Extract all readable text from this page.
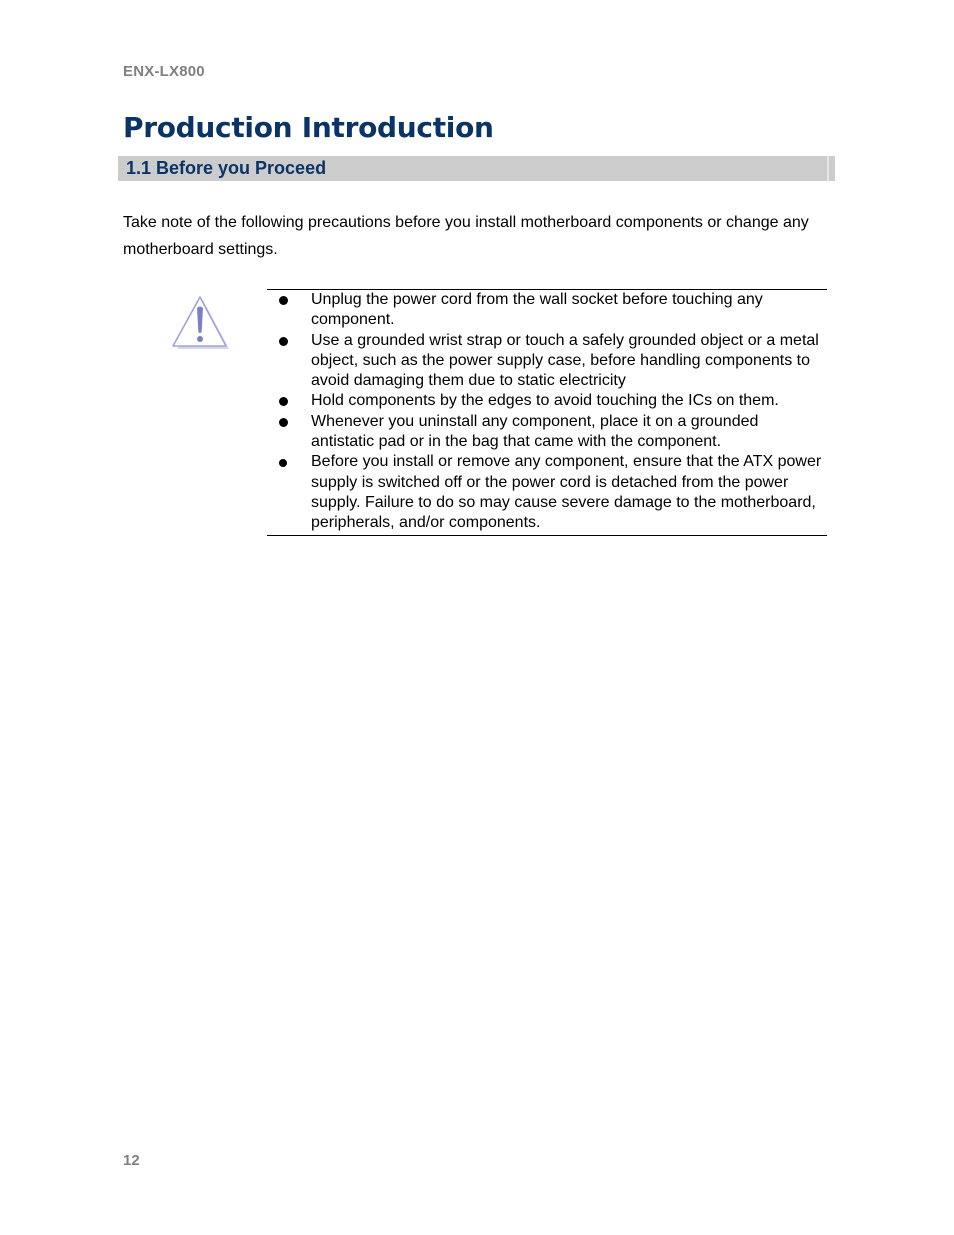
ENX-LX800
Production Introduction
1.1 Before you Proceed

Take note of the following precautions before you install motherboard components or change any motherboard settings.

Unplug the power cord from the wall socket before touching any component.
Use a grounded wrist strap or touch a safely grounded object or a metal object, such as the power supply case, before handling components to avoid damaging them due to static electricity
Hold components by the edges to avoid touching the ICs on them.
Whenever you uninstall any component, place it on a grounded antistatic pad or in the bag that came with the component.
Before you install or remove any component, ensure that the ATX power supply is switched off or the power cord is detached from the power supply. Failure to do so may cause severe damage to the motherboard, peripherals, and/or components.
12
